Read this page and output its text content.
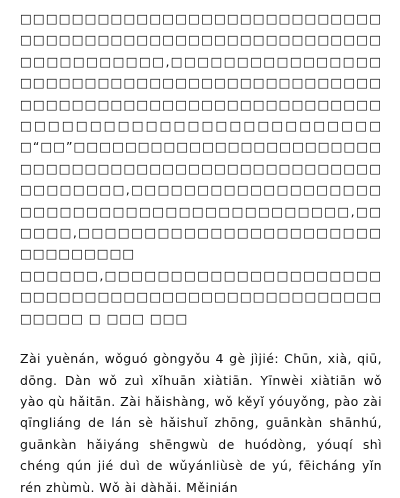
□□□□□□□□□□□□□□□□□□□□□□□□□□□□□□□□□□□□□□□□□□□□□□□□□□□□□□□□□□□□□□□□□□□,□□□□□□□□□□□□□□□□□□□□□□□□□□□□□□□□□□□□□□□□□□□□□□□□□□□□□□□□□□□□□□□□□□□□□□□□□□□□□□□□□□□□□□□□□□□□□□□□□□□“□□”□□□□□□□□□□□□□□□□□□□□□□□□□□□□□□□□□□□□□□□□□□□□□□□□□□□□□□□□□□□□,□□□□□□□□□□□□□□□□□□□□□□□□□□□□□□□□□□□□□□□□□□□□,□□□□□□,□□□□□□□□□□□□□□□□□□□□□□□□□□□□□□□□

□□□□□□,□□□□□□□□□□□□□□□□□□□□□□□□□□□□□□□□□□□□□□□□□□□□□□□□□□□□□□ □ □□□ □□□

Zài yuènán, wǒguó gòngyǒu 4 gè jìjié: Chūn, xià, qiū, dōng. Dàn wǒ zuì xǐhuān xiàtiān. Yīnwèi xiàtiān wǒ yào qù hǎitān. Zài hǎishàng, wǒ kěyǐ yóuyǒng, pào zài qīngliáng de lán sè hǎishuǐ zhōng, guānkàn shānhú, guānkàn hǎiyáng shēngwù de huódòng, yóuqí shì chéng qún jié duì de wǔyánliùsè de yú, fēicháng yǐn rén zhùmù. Wǒ ài dàhǎi. Měinián
